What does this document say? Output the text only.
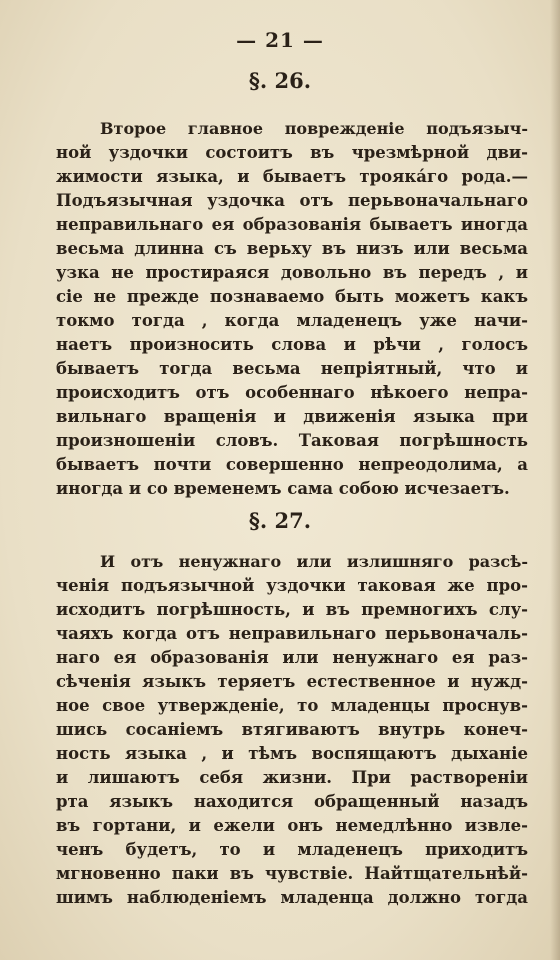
— 21 —
§. 26.
Второе главное поврежденіе подъязыч-
ной уздочки состоитъ въ чрезмѣрной дви-
жимости языка, и бываетъ трояка́го рода.—
Подъязычная уздочка отъ перьвоначальнаго
неправильнаго ея образованія бываетъ иногда
весьма длинна съ верьху въ низъ или весьма
узка не простираяся довольно въ передъ , и
сіе не прежде познаваемо быть можетъ какъ
токмо тогда , когда младенецъ уже начи-
наетъ произносить слова и рѣчи , голосъ
бываетъ тогда весьма непріятный, что и
происходитъ отъ особеннаго нѣкоего непра-
вильнаго вращенія и движенія языка при
произношеніи словъ. Таковая погрѣшность
бываетъ почти совершенно непреодолима, а
иногда и со временемъ сама собою исчезаетъ.
§. 27.
И отъ ненужнаго или излишняго разсѣ-
ченія подъязычной уздочки таковая же про-
исходитъ погрѣшность, и въ премногихъ слу-
чаяхъ когда отъ неправильнаго перьвоначаль-
наго ея образованія или ненужнаго ея раз-
сѣченія языкъ теряетъ естественное и нужд-
ное свое утвержденіе, то младенцы проснув-
шись сосаніемъ втягиваютъ внутрь конеч-
ность языка , и тѣмъ воспящаютъ дыханіе
и лишаютъ себя жизни. При растворенiи
рта языкъ находится обращенный назадъ
въ гортани, и ежели онъ немедлѣнно извле-
ченъ будетъ, то и младенецъ приходитъ
мгновенно паки въ чувствіе. Найтщательнѣй-
шимъ наблюденіемъ младенца должно тогда
